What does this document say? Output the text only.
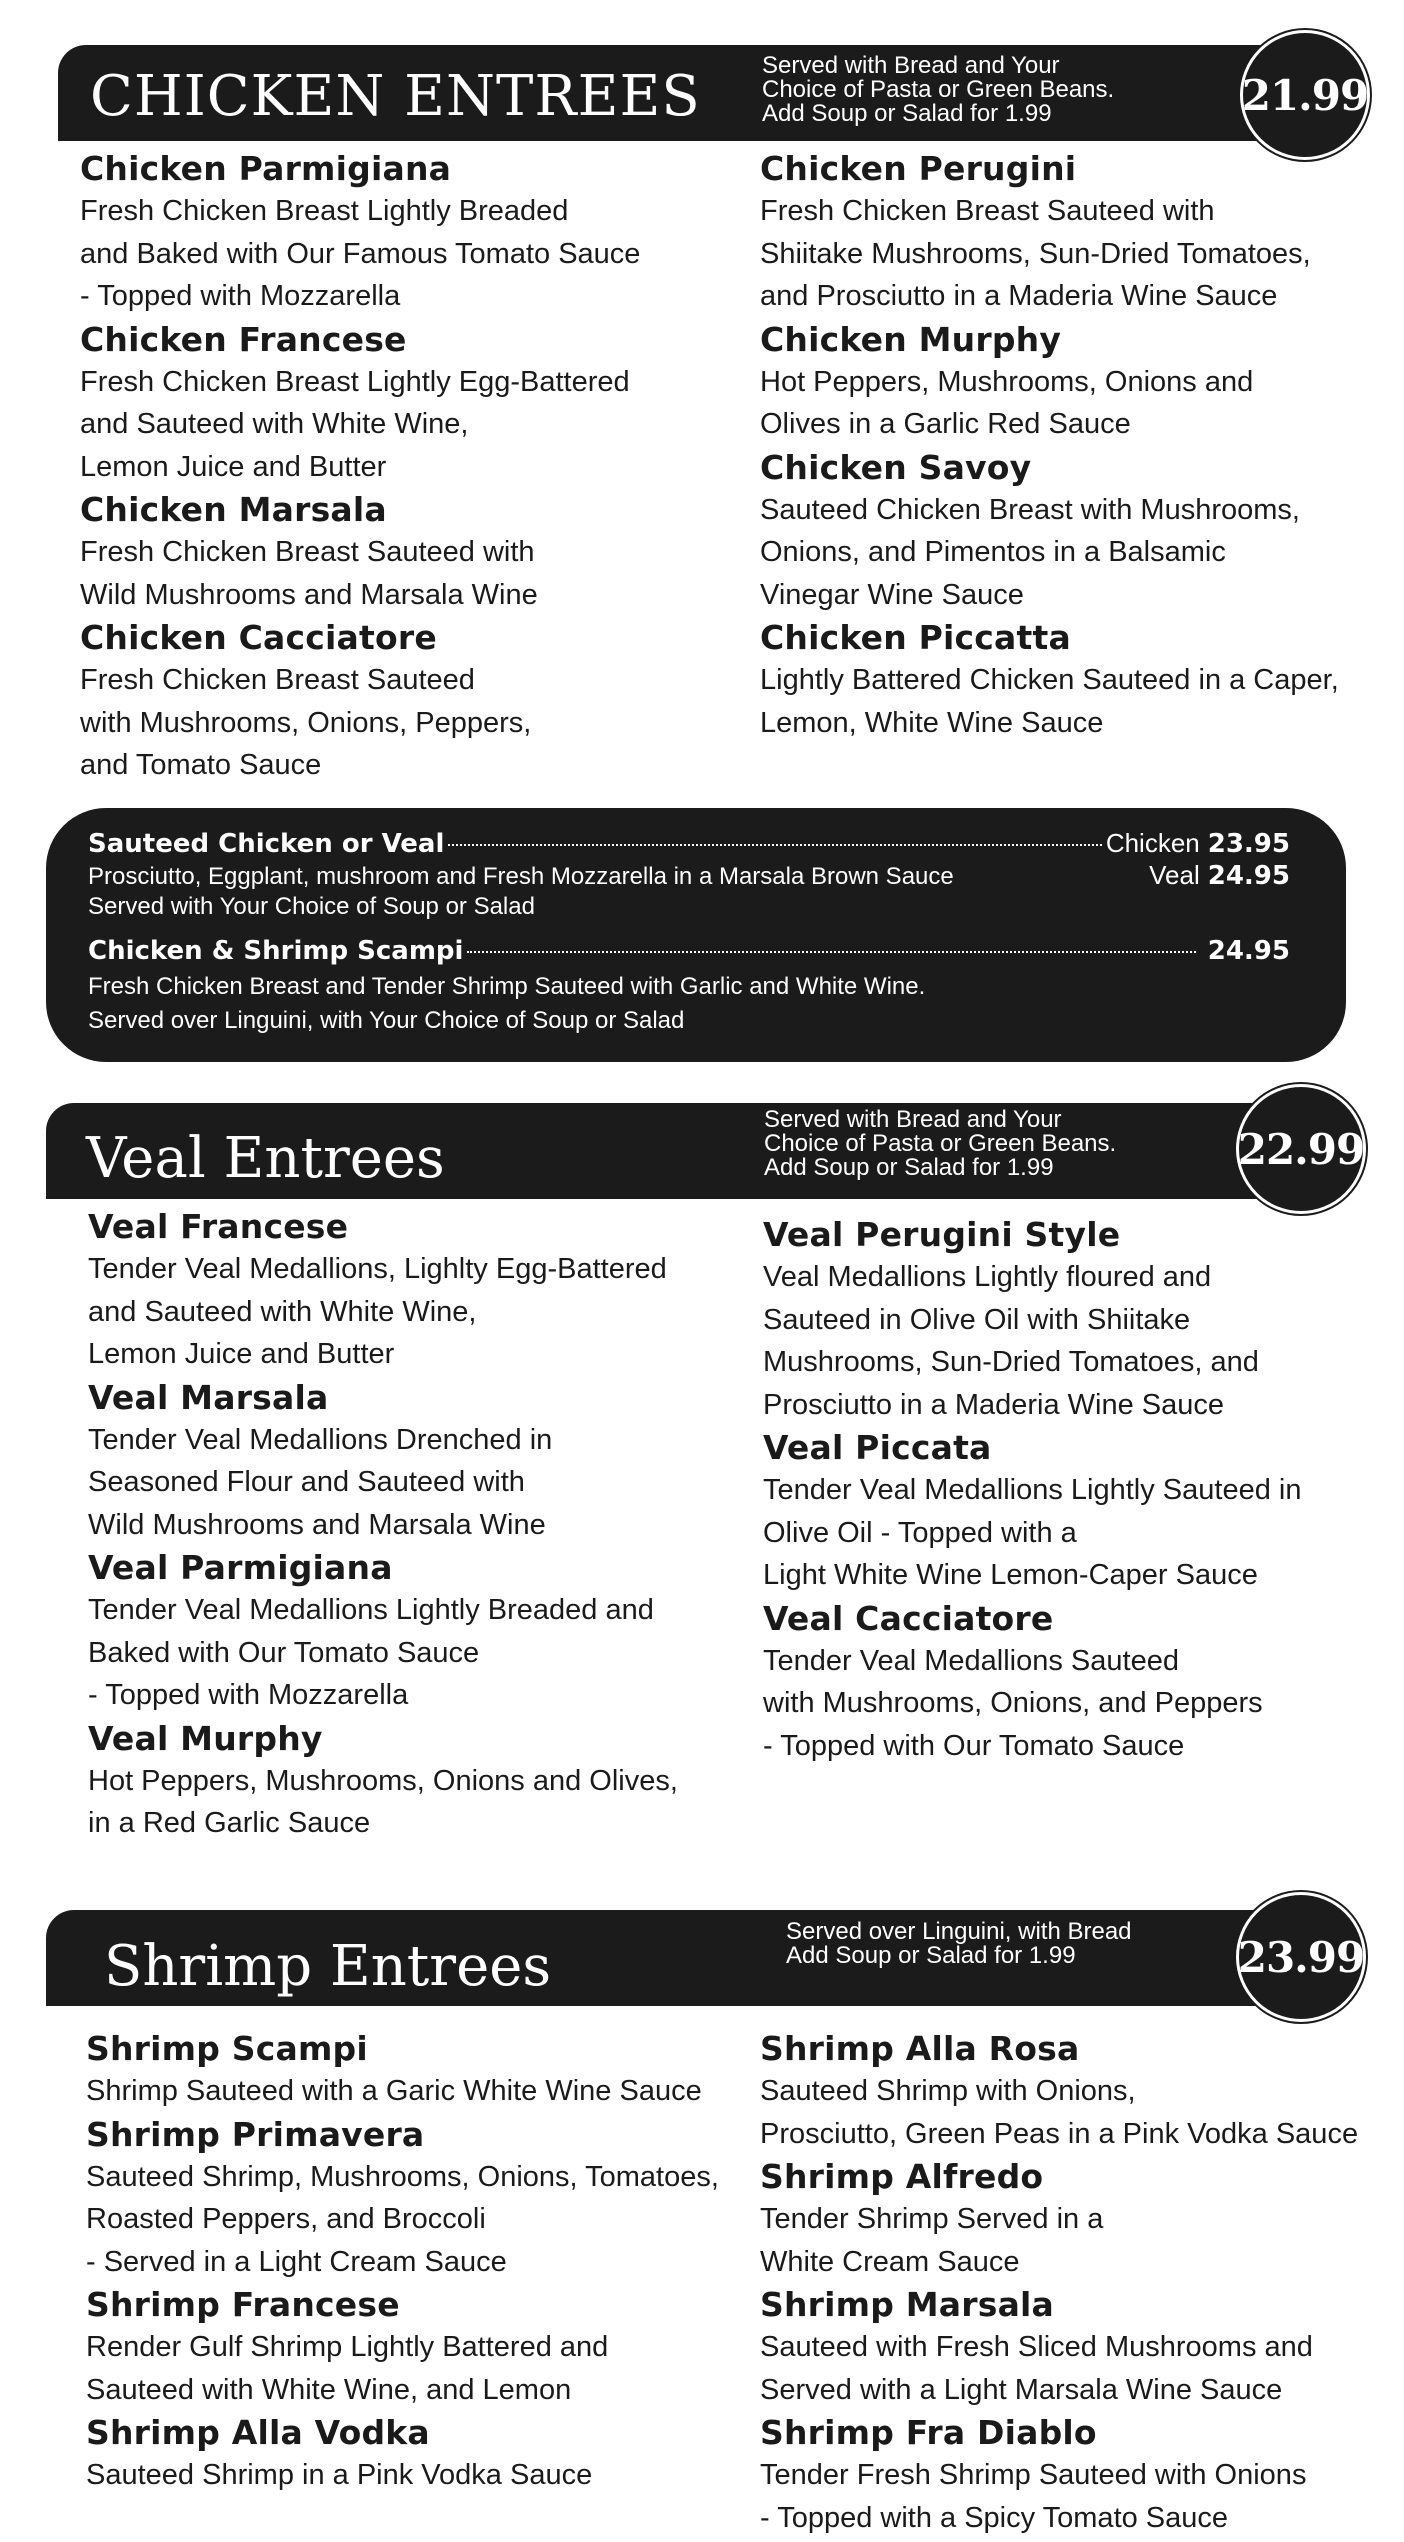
CHICKEN ENTREES	Served with Bread and Your
Choice of Pasta or Green Beans.
Add Soup or Salad for 1.99	21.99
Chicken Parmigiana
Fresh Chicken Breast Lightly Breaded
and Baked with Our Famous Tomato Sauce
- Topped with Mozzarella
Chicken Francese
Fresh Chicken Breast Lightly Egg-Battered
and Sauteed with White Wine,
Lemon Juice and Butter
Chicken Marsala
Fresh Chicken Breast Sauteed with
Wild Mushrooms and Marsala Wine
Chicken Cacciatore
Fresh Chicken Breast Sauteed
with Mushrooms, Onions, Peppers,
and Tomato Sauce
Chicken Perugini
Fresh Chicken Breast Sauteed with
Shiitake Mushrooms, Sun-Dried Tomatoes,
and Prosciutto in a Maderia Wine Sauce
Chicken Murphy
Hot Peppers, Mushrooms, Onions and
Olives in a Garlic Red Sauce
Chicken Savoy
Sauteed Chicken Breast with Mushrooms,
Onions, and Pimentos in a Balsamic
Vinegar Wine Sauce
Chicken Piccatta
Lightly Battered Chicken Sauteed in a Caper,
Lemon, White Wine Sauce
Sauteed Chicken or Veal	Chicken 23.95
Prosciutto, Eggplant, mushroom and Fresh Mozzarella in a Marsala Brown Sauce	Veal 24.95
Served with Your Choice of Soup or Salad
Chicken & Shrimp Scampi	24.95
Fresh Chicken Breast and Tender Shrimp Sauteed with Garlic and White Wine.
Served over Linguini, with Your Choice of Soup or Salad
Veal Entrees
Served with Bread and Your
Choice of Pasta or Green Beans.
Add Soup or Salad for 1.99	22.99
Veal Francese
Tender Veal Medallions, Lighlty Egg-Battered
and Sauteed with White Wine,
Lemon Juice and Butter
Veal Marsala
Tender Veal Medallions Drenched in
Seasoned Flour and Sauteed with
Wild Mushrooms and Marsala Wine
Veal Parmigiana
Tender Veal Medallions Lightly Breaded and
Baked with Our Tomato Sauce
- Topped with Mozzarella
Veal Murphy
Hot Peppers, Mushrooms, Onions and Olives,
in a Red Garlic Sauce
Veal Perugini Style
Veal Medallions Lightly floured and
Sauteed in Olive Oil with Shiitake
Mushrooms, Sun-Dried Tomatoes, and
Prosciutto in a Maderia Wine Sauce
Veal Piccata
Tender Veal Medallions Lightly Sauteed in
Olive Oil - Topped with a
Light White Wine Lemon-Caper Sauce
Veal Cacciatore
Tender Veal Medallions Sauteed
with Mushrooms, Onions, and Peppers
- Topped with Our Tomato Sauce
Shrimp Entrees
Served over Linguini, with Bread
Add Soup or Salad for 1.99	23.99
Shrimp Scampi
Shrimp Sauteed with a Garic White Wine Sauce
Shrimp Primavera
Sauteed Shrimp, Mushrooms, Onions, Tomatoes,
Roasted Peppers, and Broccoli
- Served in a Light Cream Sauce
Shrimp Francese
Render Gulf Shrimp Lightly Battered and
Sauteed with White Wine, and Lemon
Shrimp Alla Vodka
Sauteed Shrimp in a Pink Vodka Sauce
Shrimp Alla Rosa
Sauteed Shrimp with Onions,
Prosciutto, Green Peas in a Pink Vodka Sauce
Shrimp Alfredo
Tender Shrimp Served in a
White Cream Sauce
Shrimp Marsala
Sauteed with Fresh Sliced Mushrooms and
Served with a Light Marsala Wine Sauce
Shrimp Fra Diablo
Tender Fresh Shrimp Sauteed with Onions
- Topped with a Spicy Tomato Sauce
